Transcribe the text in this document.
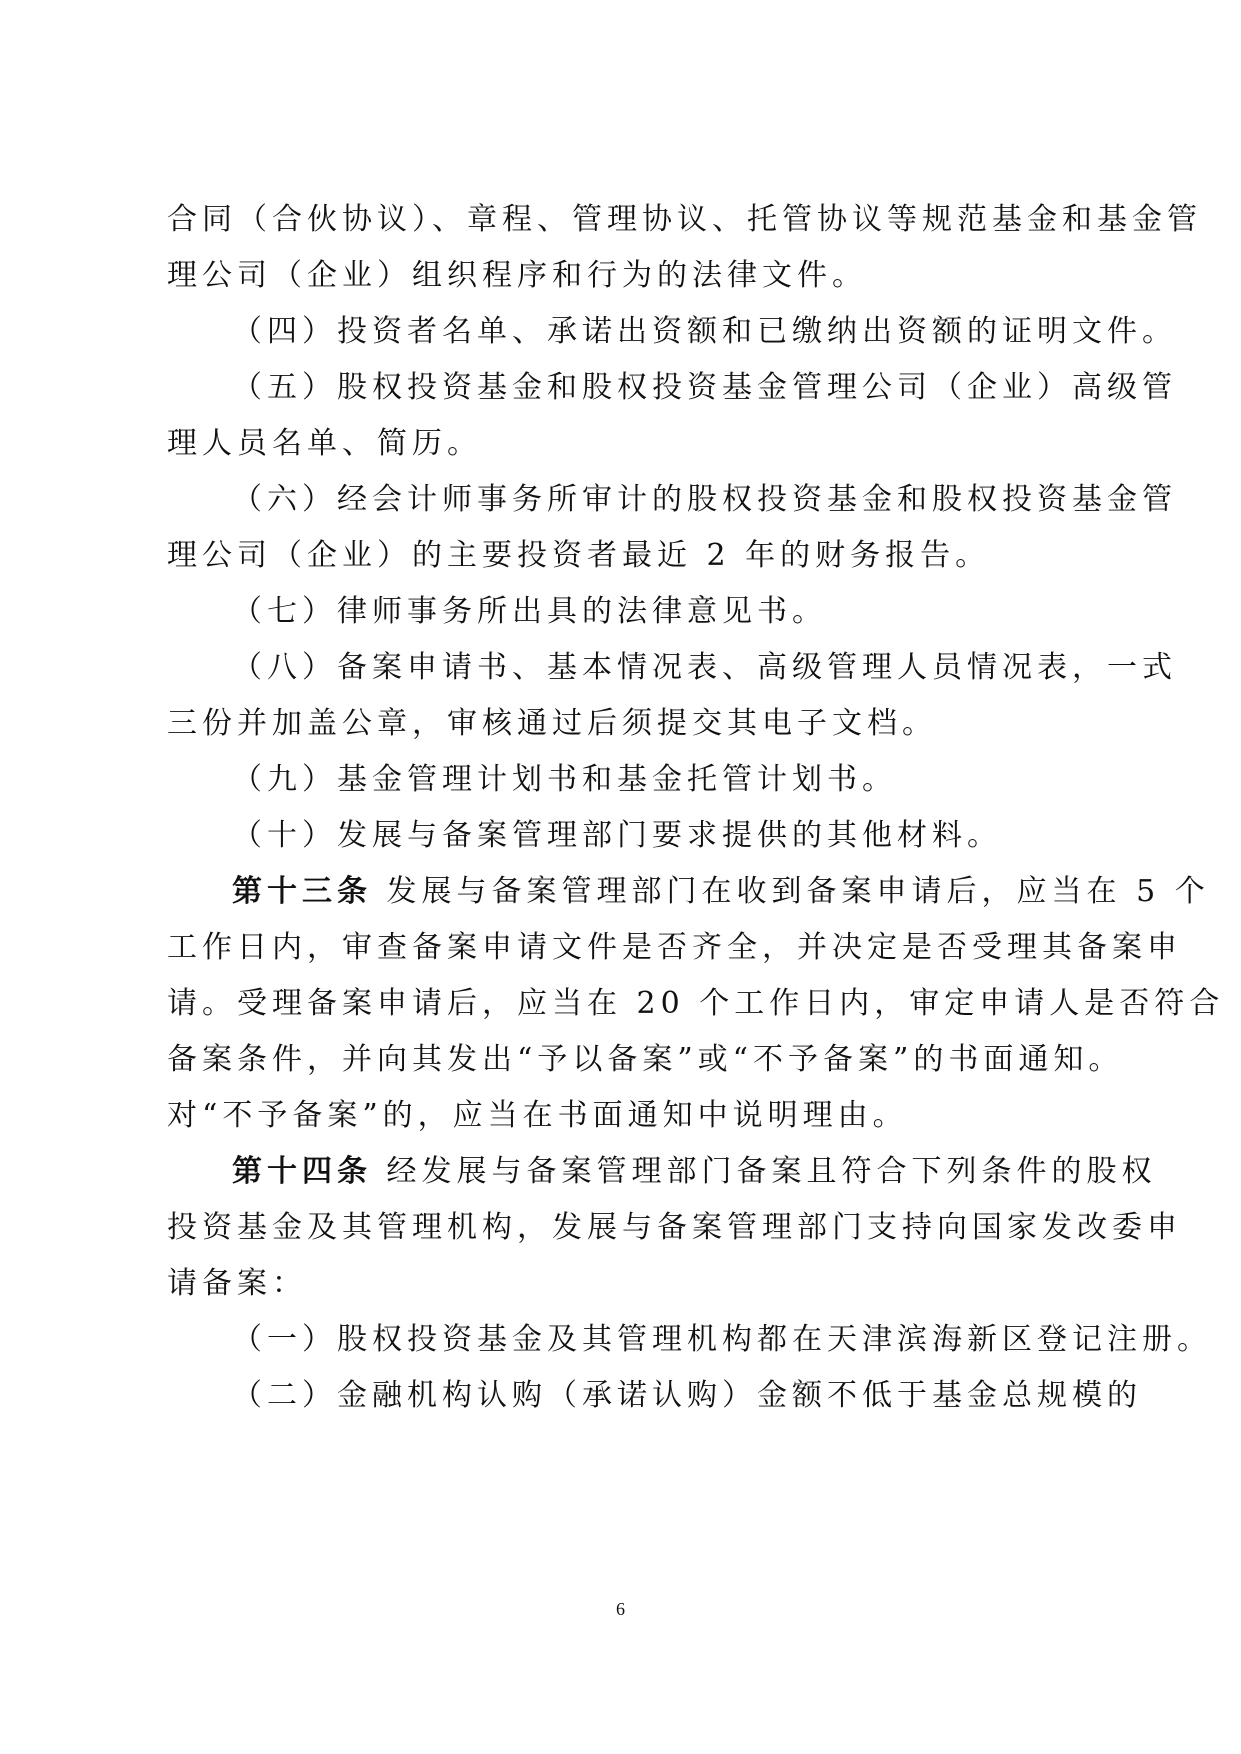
合同（合伙协议）、章程、管理协议、托管协议等规范基金和基金管
理公司（企业）组织程序和行为的法律文件。
（四）投资者名单、承诺出资额和已缴纳出资额的证明文件。
（五）股权投资基金和股权投资基金管理公司（企业）高级管
理人员名单、简历。
（六）经会计师事务所审计的股权投资基金和股权投资基金管
理公司（企业）的主要投资者最近 2 年的财务报告。
（七）律师事务所出具的法律意见书。
（八）备案申请书、基本情况表、高级管理人员情况表，一式
三份并加盖公章，审核通过后须提交其电子文档。
（九）基金管理计划书和基金托管计划书。
（十）发展与备案管理部门要求提供的其他材料。
第十三条 发展与备案管理部门在收到备案申请后，应当在 5 个
工作日内，审查备案申请文件是否齐全，并决定是否受理其备案申
请。受理备案申请后，应当在 20 个工作日内，审定申请人是否符合
备案条件，并向其发出“予以备案”或“不予备案”的书面通知。
对“不予备案”的，应当在书面通知中说明理由。
第十四条 经发展与备案管理部门备案且符合下列条件的股权
投资基金及其管理机构，发展与备案管理部门支持向国家发改委申
请备案：
（一）股权投资基金及其管理机构都在天津滨海新区登记注册。
（二）金融机构认购（承诺认购）金额不低于基金总规模的
6
